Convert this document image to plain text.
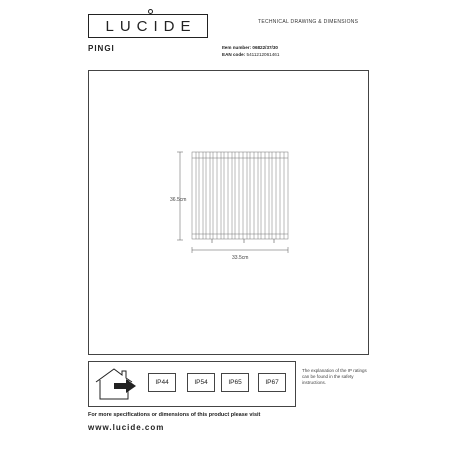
LUCIDE	TECHNICAL DRAWING & DIMENSIONS
PINGI	Item number: 06822/37/30
EAN code: 5411212061461
36.5cm
33.5cm
IP44	IP54	IP65	IP67
The explanation of the IP ratings can be found in the safety instructions.
For more specifications or dimensions of this product please visit
www.lucide.com
